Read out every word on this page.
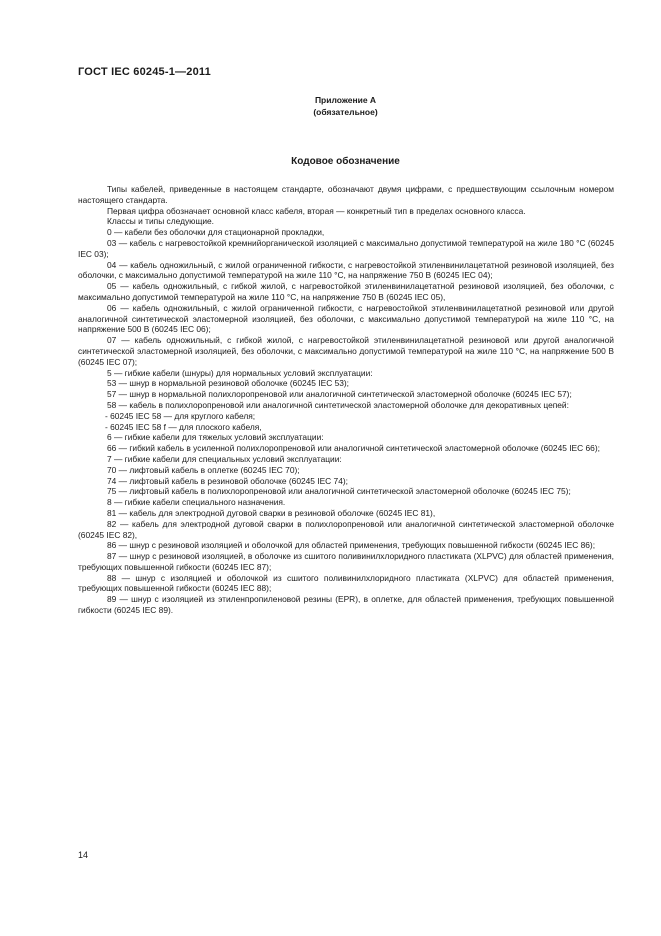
ГОСТ IEC 60245-1—2011
Приложение А
(обязательное)
Кодовое обозначение

Типы кабелей, приведенные в настоящем стандарте, обозначают двумя цифрами, с предшествующим ссылочным номером настоящего стандарта.

Первая цифра обозначает основной класс кабеля, вторая — конкретный тип в пределах основного класса.

Классы и типы следующие.

0 — кабели без оболочки для стационарной прокладки,

03 — кабель с нагревостойкой кремнийорганической изоляцией с максимально допустимой температурой на жиле 180 °С (60245 IEC 03);

04 — кабель одножильный, с жилой ограниченной гибкости, с нагревостойкой этиленвинилацетатной резиновой изоляцией, без оболочки, с максимально допустимой температурой на жиле 110 °С, на напряжение 750 В (60245 IEC 04);

05 — кабель одножильный, с гибкой жилой, с нагревостойкой этиленвинилацетатной резиновой изоляцией, без оболочки, с максимально допустимой температурой на жиле 110 °С, на напряжение 750 В (60245 IEC 05),

06 — кабель одножильный, с жилой ограниченной гибкости, с нагревостойкой этиленвинилацетатной резиновой или другой аналогичной синтетической эластомерной изоляцией, без оболочки, с максимально допустимой температурой на жиле 110 °С, на напряжение 500 В (60245 IEC 06);

07 — кабель одножильный, с гибкой жилой, с нагревостойкой этиленвинилацетатной резиновой или другой аналогичной синтетической эластомерной изоляцией, без оболочки, с максимально допустимой температурой на жиле 110 °С, на напряжение 500 В (60245 IEC 07);

5 — гибкие кабели (шнуры) для нормальных условий эксплуатации:

53 — шнур в нормальной резиновой оболочке (60245 IEC 53);

57 — шнур в нормальной полихлоропреновой или аналогичной синтетической эластомерной оболочке (60245 IEC 57);

58 — кабель в полихлоропреновой или аналогичной синтетической эластомерной оболочке для декоративных цепей:

- 60245 IEC 58 — для круглого кабеля;

- 60245 IEC 58 f — для плоского кабеля,

6 — гибкие кабели для тяжелых условий эксплуатации:

66 — гибкий кабель в усиленной полихлоропреновой или аналогичной синтетической эластомерной оболочке (60245 IEC 66);

7 — гибкие кабели для специальных условий эксплуатации:

70 — лифтовый кабель в оплетке (60245 IEC 70);

74 — лифтовый кабель в резиновой оболочке (60245 IEC 74);

75 — лифтовый кабель в полихлоропреновой или аналогичной синтетической эластомерной оболочке (60245 IEC 75);

8 — гибкие кабели специального назначения.

81 — кабель для электродной дуговой сварки в резиновой оболочке (60245 IEC 81),

82 — кабель для электродной дуговой сварки в полихлоропреновой или аналогичной синтетической эластомерной оболочке (60245 IEC 82),

86 — шнур с резиновой изоляцией и оболочкой для областей применения, требующих повышенной гибкости (60245 IEC 86);

87 — шнур с резиновой изоляцией, в оболочке из сшитого поливинилхлоридного пластиката (XLPVC) для областей применения, требующих повышенной гибкости (60245 IEC 87);

88 — шнур с изоляцией и оболочкой из сшитого поливинилхлоридного пластиката (XLPVC) для областей применения, требующих повышенной гибкости (60245 IEC 88);

89 — шнур с изоляцией из этиленпропиленовой резины (EPR), в оплетке, для областей применения, требующих повышенной гибкости (60245 IEC 89).

14
